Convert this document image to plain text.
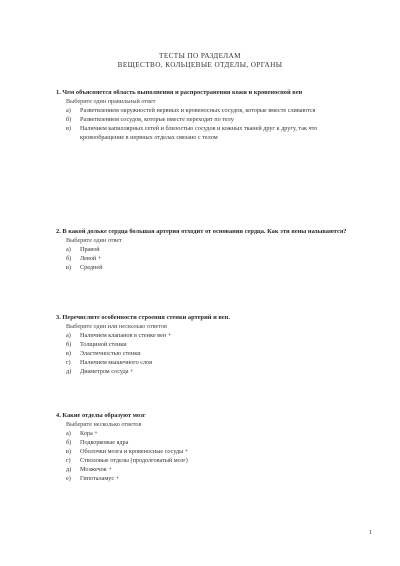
ТЕСТЫ ПО РАЗДЕЛАМ
ВЕЩЕСТВО, КОЛЬЦЕВЫЕ ОТДЕЛЫ, ОРГАНЫ

1. Чем объясняется область выполнения и распространения кожи и кровеносной вен

Выберите один правильный ответ

а)	Разветвлением окружностей нервных и кровеносных сосудов, которые вместе сливаются
б)	Разветвлением сосудов, которые вместе переходят по телу
в)	Наличием капиллярных сетей и близостью сосудов и кожных тканей друг к другу, так что кровообращение в нервных отделах связано с телом

2. В какой дольке сердца большая артерия отходит от основания сердца. Как эти вены называются?

Выберите один ответ

а)	Правой
б)	Левой +
в)	Средней

3. Перечислите особенности строения стенки артерий и вен.

Выберите один или несколько ответов

а)	Наличием клапанов в стенке вен +
б)	Толщиной стенки
в)	Эластичностью стенки
г)	Наличием мышечного слоя
д)	Диаметром сосуда +

4. Какие отделы образуют мозг

Выберите несколько ответов

а)	Кора +
б)	Подкорковые ядра
в)	Оболочки мозга и кровеносные сосуды +
г)	Стволовые отделы (продолговатый мозг)
д)	Мозжечок +
е)	Гипоталамус +
1
